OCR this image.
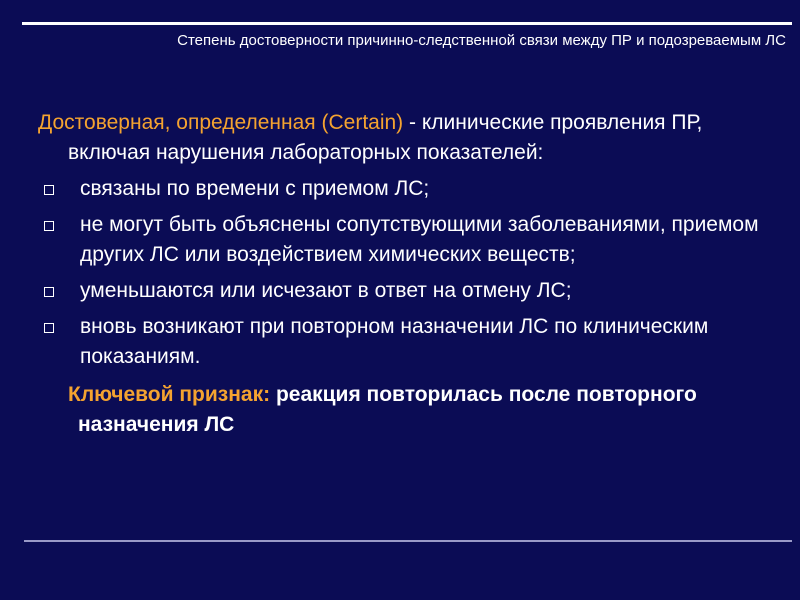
Степень достоверности причинно-следственной связи между ПР и подозреваемым ЛС

Достоверная, определенная (Certain) - клинические проявления ПР, включая нарушения лабораторных показателей:

связаны по времени с приемом ЛС;
не могут быть объяснены сопутствующими заболеваниями, приемом других ЛС или воздействием химических веществ;
уменьшаются или исчезают в ответ на отмену ЛС;
вновь возникают при повторном назначении ЛС по клиническим показаниям.

Ключевой признак: реакция повторилась после повторного назначения ЛС
